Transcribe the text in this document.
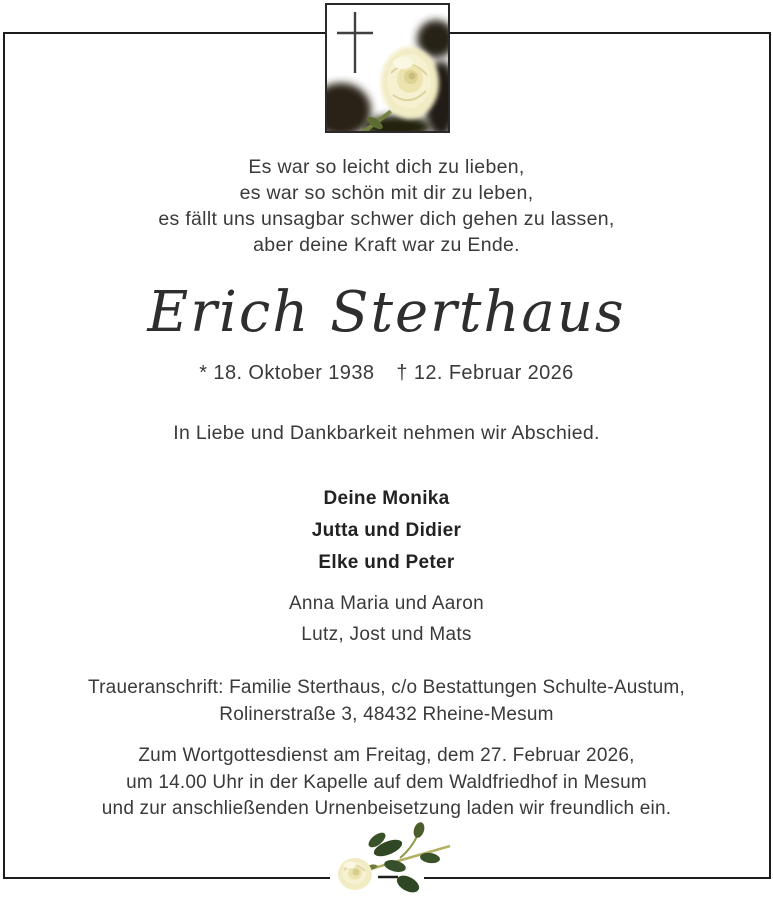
Es war so leicht dich zu lieben,
es war so schön mit dir zu leben,
es fällt uns unsagbar schwer dich gehen zu lassen,
aber deine Kraft war zu Ende.
Erich Sterthaus
* 18. Oktober 1938 † 12. Februar 2026
In Liebe und Dankbarkeit nehmen wir Abschied.
Deine Monika
Jutta und Didier
Elke und Peter
Anna Maria und Aaron
Lutz, Jost und Mats
Traueranschrift: Familie Sterthaus, c/o Bestattungen Schulte-Austum,
Rolinerstraße 3, 48432 Rheine-Mesum
Zum Wortgottesdienst am Freitag, dem 27. Februar 2026,
um 14.00 Uhr in der Kapelle auf dem Waldfriedhof in Mesum
und zur anschließenden Urnenbeisetzung laden wir freundlich ein.
